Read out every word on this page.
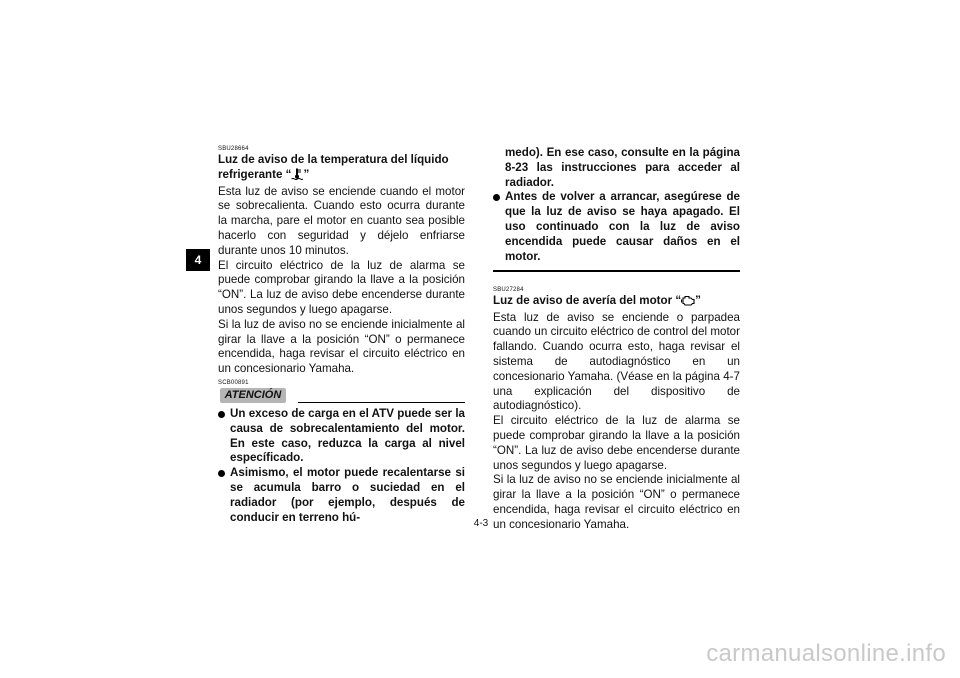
4

SBU28664

Luz de aviso de la temperatura del líquido
refrigerante “ ”

Esta luz de aviso se enciende cuando el motor se sobrecalienta. Cuando esto ocurra durante la marcha, pare el motor en cuanto sea posible hacerlo con seguridad y déjelo enfriarse durante unos 10 minutos.

El circuito eléctrico de la luz de alarma se puede comprobar girando la llave a la posición “ON”. La luz de aviso debe encenderse durante unos segundos y luego apagarse.

Si la luz de aviso no se enciende inicialmente al girar la llave a la posición “ON” o permanece encendida, haga revisar el circuito eléctrico en un concesionario Yamaha.

SCB00891

ATENCIÓN
Un exceso de carga en el ATV puede ser la causa de sobrecalentamiento del motor. En este caso, reduzca la carga al nivel específicado.
Asimismo, el motor puede recalentarse si se acumula barro o suciedad en el radiador (por ejemplo, después de conducir en terreno hú-

medo). En ese caso, consulte en la página 8-23 las instrucciones para acceder al radiador.

Antes de volver a arrancar, asegúrese de que la luz de aviso se haya apagado. El uso continuado con la luz de aviso encendida puede causar daños en el motor.

SBU27284

Luz de aviso de avería del motor “ ”

Esta luz de aviso se enciende o parpadea cuando un circuito eléctrico de control del motor fallando. Cuando ocurra esto, haga revisar el sistema de autodiagnóstico en un concesionario Yamaha. (Véase en la página 4-7 una explicación del dispositivo de autodiagnóstico).

El circuito eléctrico de la luz de alarma se puede comprobar girando la llave a la posición “ON”. La luz de aviso debe encenderse durante unos segundos y luego apagarse.

Si la luz de aviso no se enciende inicialmente al girar la llave a la posición “ON” o permanece encendida, haga revisar el circuito eléctrico en un concesionario Yamaha.

4-3
carmanualsonline.info
